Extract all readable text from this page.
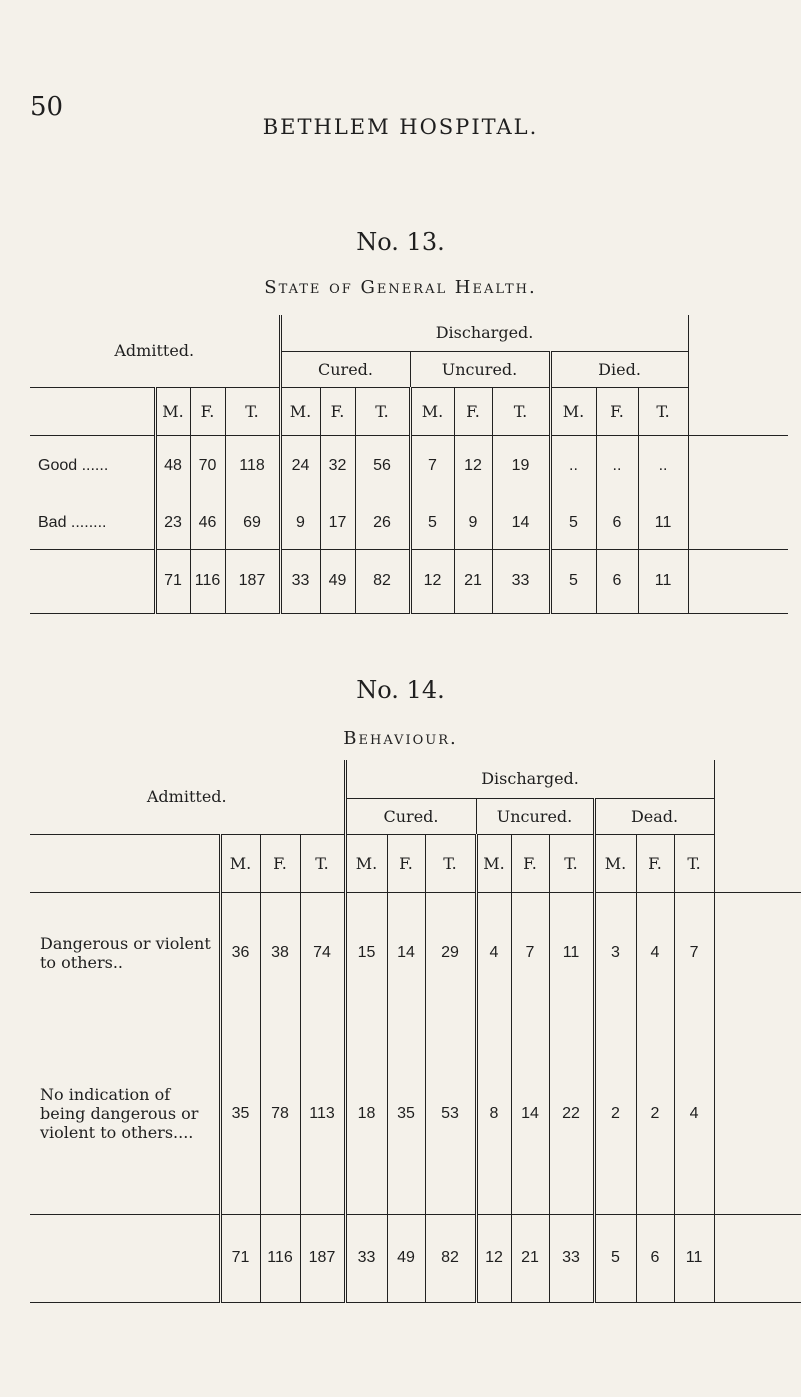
50
BETHLEM HOSPITAL.
No. 13.
State of General Health.
Admitted.				Discharged.									
				Cured.			Uncured.			Died.			
	M.	F.	T.	M.	F.	T.	M.	F.	T.	M.	F.	T.	
Good ......	48	70	118	24	32	56	7	12	19	..	..	..	
Bad ........	23	46	69	9	17	26	5	9	14	5	6	11	
	71	116	187	33	49	82	12	21	33	5	6	11	
No. 14.
Behaviour.
Admitted.				Discharged.									
				Cured.			Uncured.			Dead.			
	M.	F.	T.	M.	F.	T.	M.	F.	T.	M.	F.	T.	
Dangerous or violent to others..	36	38	74	15	14	29	4	7	11	3	4	7	
No indication of being dangerous or violent to others....	35	78	113	18	35	53	8	14	22	2	2	4	
	71	116	187	33	49	82	12	21	33	5	6	11	
